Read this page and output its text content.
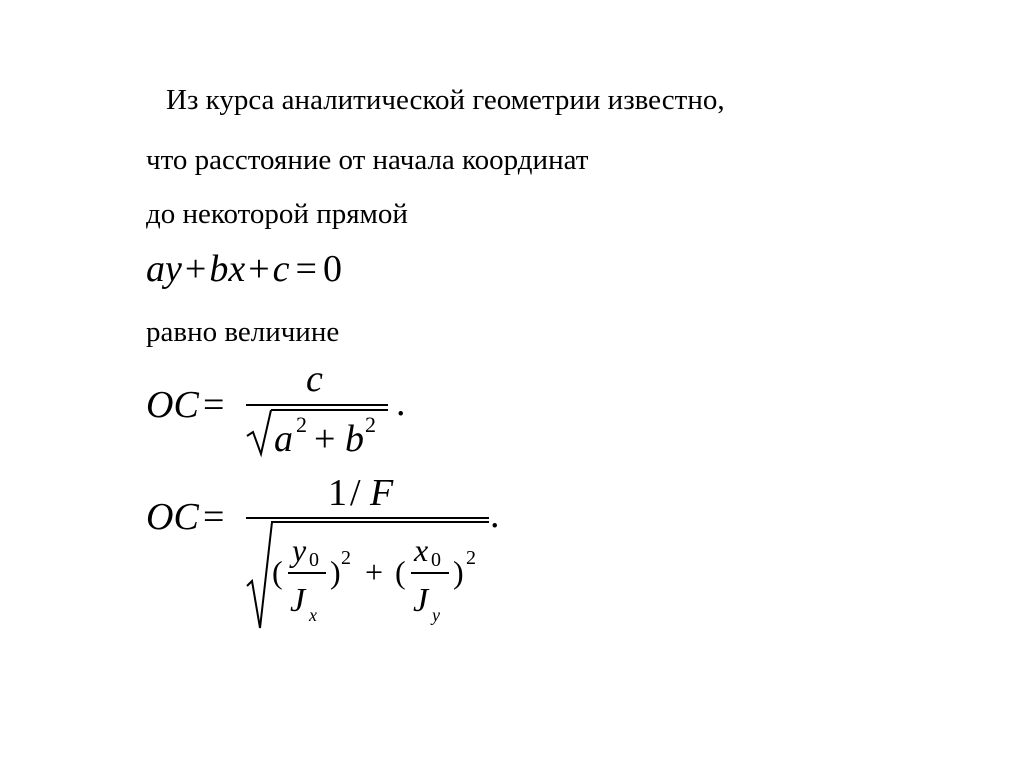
Из курса аналитической геометрии известно,
что расстояние от начала координат
до некоторой прямой
ay+bx+c = 0
равно величине
OC =
c
a 2 + b 2
.
OC =
1 / F
(
y 0
J x
) 2 + (
x 0
J y
) 2
.
